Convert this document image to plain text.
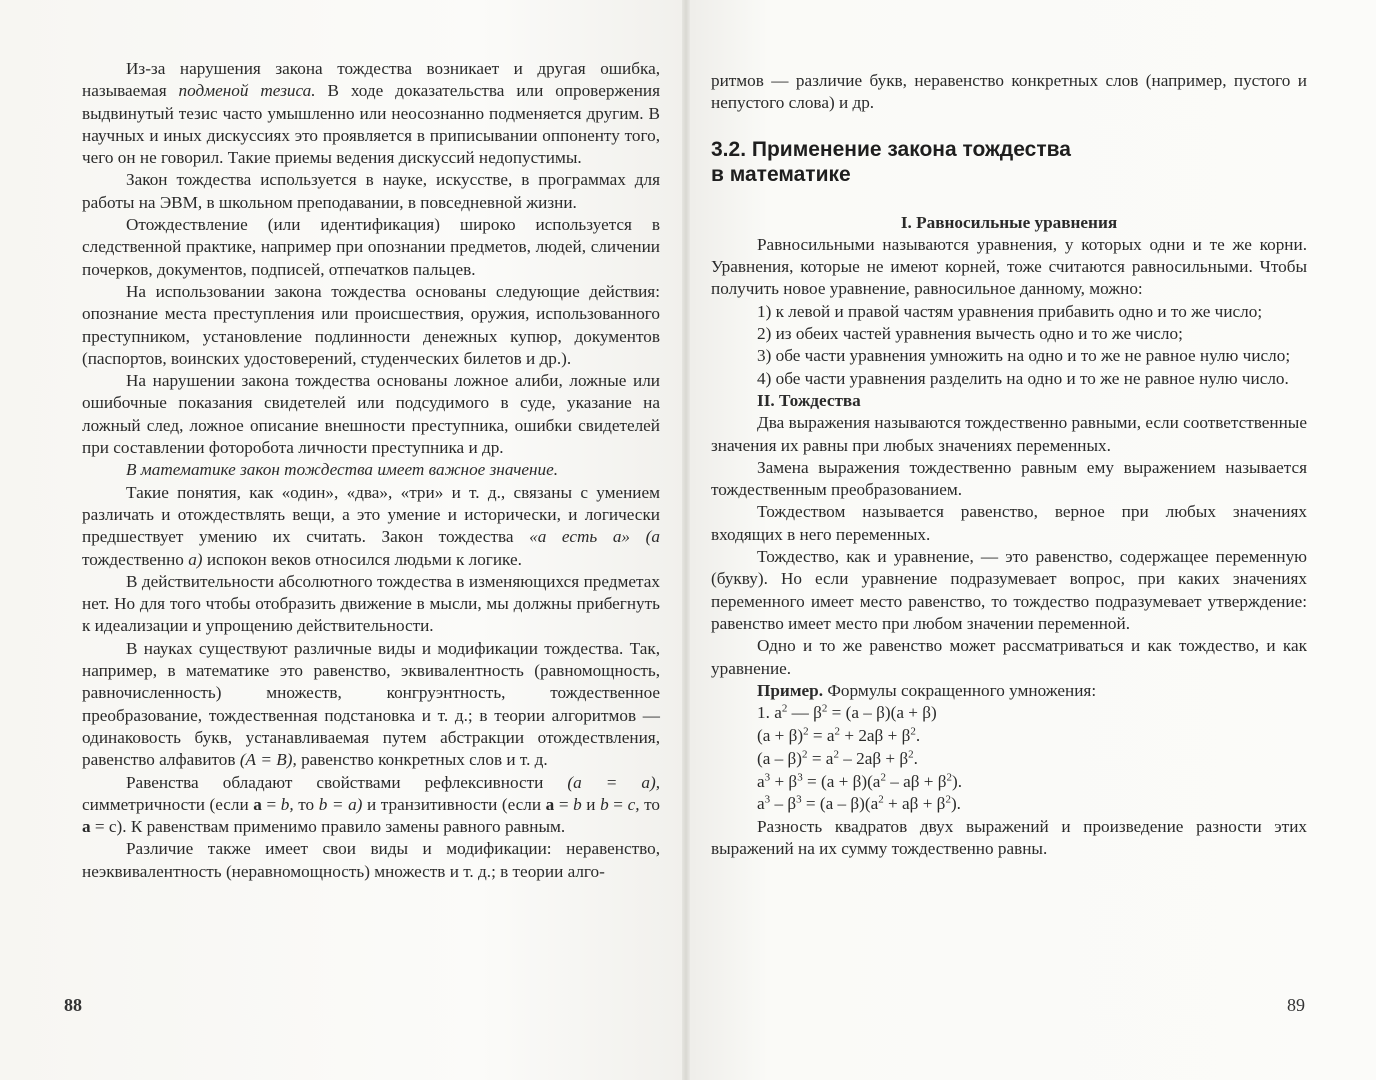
Из-за нарушения закона тождества возникает и другая ошибка, называемая подменой тезиса. В ходе доказательства или опровержения выдвинутый тезис часто умышленно или неосознанно подменяется другим. В научных и иных дискуссиях это проявляется в приписывании оппоненту того, чего он не говорил. Такие приемы ведения дискуссий недопустимы.

Закон тождества используется в науке, искусстве, в программах для работы на ЭВМ, в школьном преподавании, в повседневной жизни.

Отождествление (или идентификация) широко используется в следственной практике, например при опознании предметов, людей, сличении почерков, документов, подписей, отпечатков пальцев.

На использовании закона тождества основаны следующие действия: опознание места преступления или происшествия, оружия, использованного преступником, установление подлинности денежных купюр, документов (паспортов, воинских удостоверений, студенческих билетов и др.).

На нарушении закона тождества основаны ложное алиби, ложные или ошибочные показания свидетелей или подсудимого в суде, указание на ложный след, ложное описание внешности преступника, ошибки свидетелей при составлении фоторобота личности преступника и др.

В математике закон тождества имеет важное значение.

Такие понятия, как «один», «два», «три» и т. д., связаны с умением различать и отождествлять вещи, а это умение и исторически, и логически предшествует умению их считать. Закон тождества «а есть а» (а тождественно а) испокон веков относился людьми к логике.

В действительности абсолютного тождества в изменяющихся предметах нет. Но для того чтобы отобразить движение в мысли, мы должны прибегнуть к идеализации и упрощению действительности.

В науках существуют различные виды и модификации тождества. Так, например, в математике это равенство, эквивалентность (равномощность, равночисленность) множеств, конгруэнтность, тождественное преобразование, тождественная подстановка и т. д.; в теории алгоритмов — одинаковость букв, устанавливаемая путем абстракции отождествления, равенство алфавитов (А = В), равенство конкретных слов и т. д.

Равенства обладают свойствами рефлексивности (а = а), симметричности (если а = b, то b = а) и транзитивности (если а = b и b = c, то а = с). К равенствам применимо правило замены равного равным.

Различие также имеет свои виды и модификации: неравенство, неэквивалентность (неравномощность) множеств и т. д.; в теории алго-

88

ритмов — различие букв, неравенство конкретных слов (например, пустого и непустого слова) и др.

3.2. Применение закона тождества
в математике

I. Равносильные уравнения

Равносильными называются уравнения, у которых одни и те же корни. Уравнения, которые не имеют корней, тоже считаются равносильными. Чтобы получить новое уравнение, равносильное данному, можно:

1) к левой и правой частям уравнения прибавить одно и то же число;

2) из обеих частей уравнения вычесть одно и то же число;

3) обе части уравнения умножить на одно и то же не равное нулю число;

4) обе части уравнения разделить на одно и то же не равное нулю число.

II. Тождества

Два выражения называются тождественно равными, если соответственные значения их равны при любых значениях переменных.

Замена выражения тождественно равным ему выражением называется тождественным преобразованием.

Тождеством называется равенство, верное при любых значениях входящих в него переменных.

Тождество, как и уравнение, — это равенство, содержащее переменную (букву). Но если уравнение подразумевает вопрос, при каких значениях переменного имеет место равенство, то тождество подразумевает утверждение: равенство имеет место при любом значении переменной.

Одно и то же равенство может рассматриваться и как тождество, и как уравнение.

Пример. Формулы сокращенного умножения:

1. $a^2$ — $\beta^2 = (a - \beta)(a + \beta)$
$(a + \beta)^2 = a^2 + 2a\beta + \beta^2$.
$(a - \beta)^2 = a^2 - 2a\beta + \beta^2$.
$a^3 + \beta^3 = (a + \beta)(a^2 - a\beta + \beta^2)$.
$a^3 - \beta^3 = (a - \beta)(a^2 + a\beta + \beta^2)$.

Разность квадратов двух выражений и произведение разности этих выражений на их сумму тождественно равны.

89
